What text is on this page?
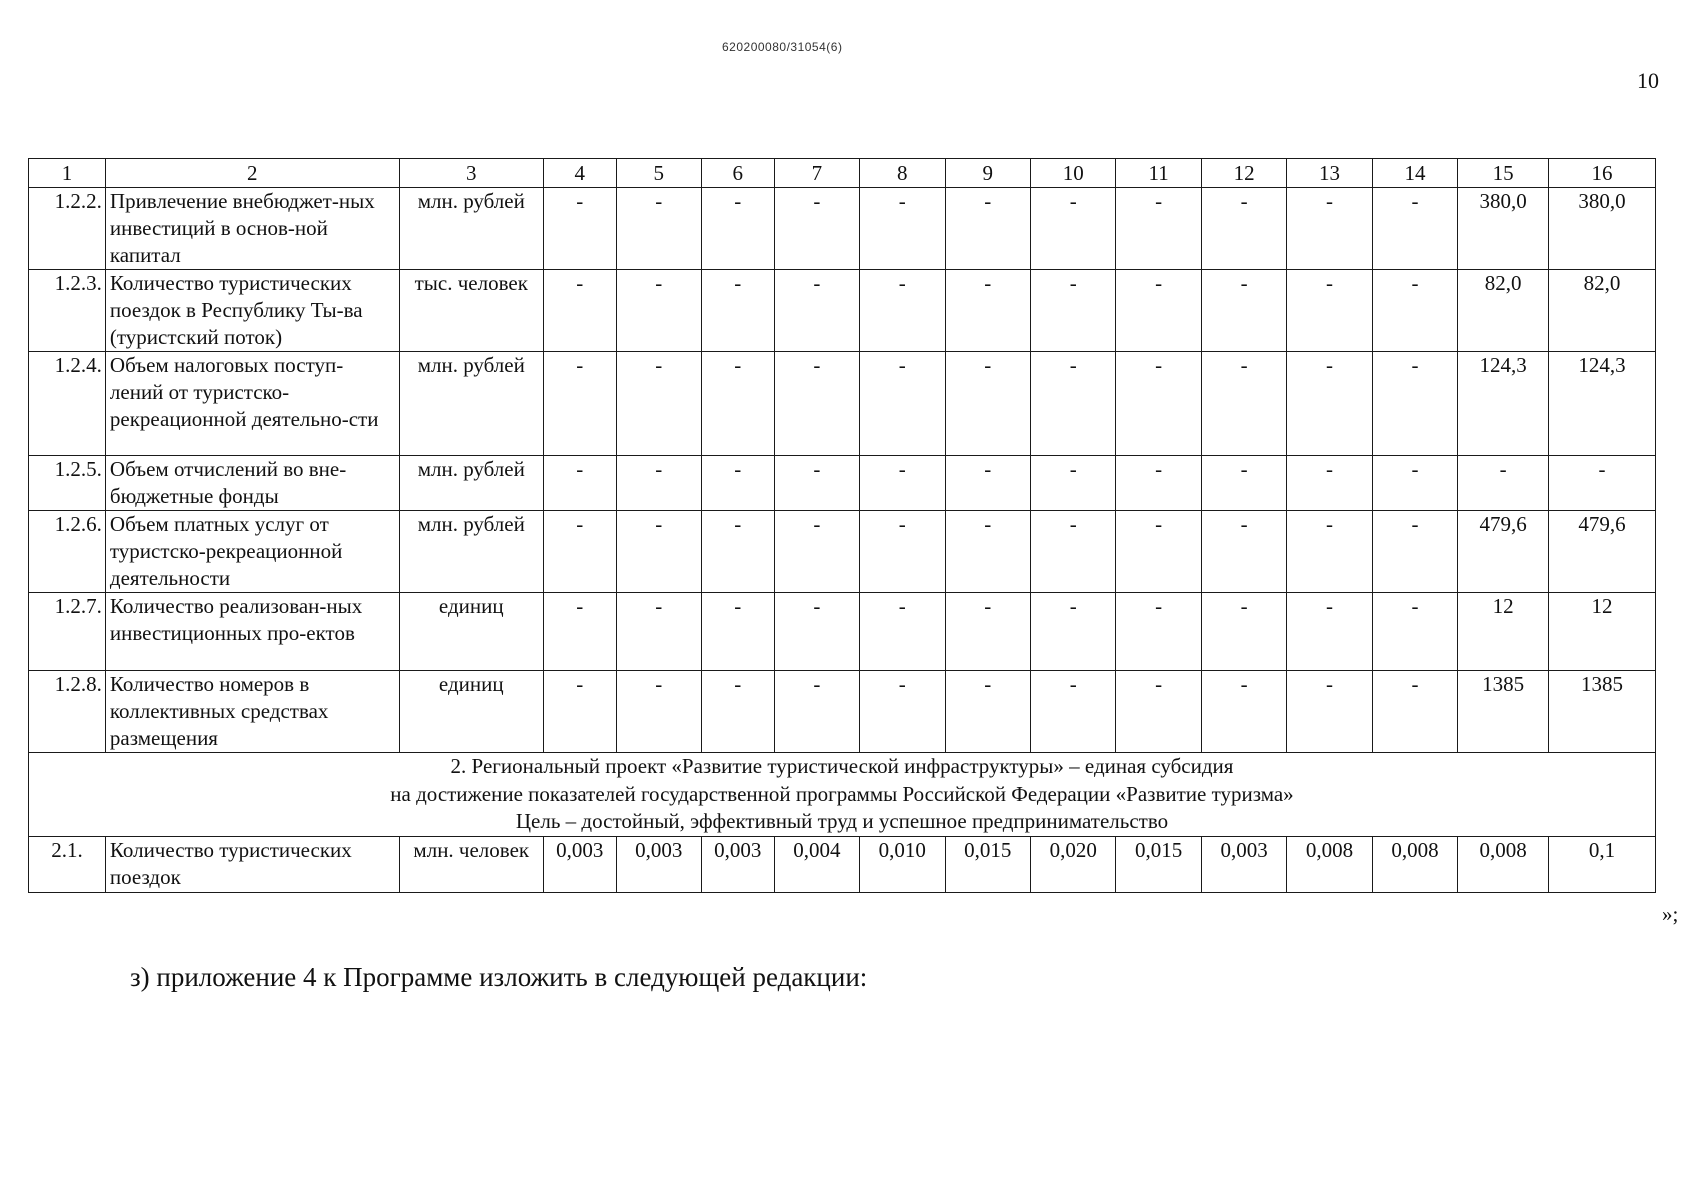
620200080/31054(6)
10
1	2	3	4	5	6	7	8	9	10	11	12	13	14	15	16
1.2.2.	Привлечение внебюджет-ных инвестиций в основ-ной капитал	млн. рублей	-	-	-	-	-	-	-	-	-	-	-	380,0	380,0
1.2.3.	Количество туристических поездок в Республику Ты-ва (туристский поток)	тыс. человек	-	-	-	-	-	-	-	-	-	-	-	82,0	82,0
1.2.4.	Объем налоговых поступ-лений от туристско-рекреационной деятельно-сти	млн. рублей	-	-	-	-	-	-	-	-	-	-	-	124,3	124,3
1.2.5.	Объем отчислений во вне-бюджетные фонды	млн. рублей	-	-	-	-	-	-	-	-	-	-	-	-	-
1.2.6.	Объем платных услуг от туристско-рекреационной деятельности	млн. рублей	-	-	-	-	-	-	-	-	-	-	-	479,6	479,6
1.2.7.	Количество реализован-ных инвестиционных про-ектов	единиц	-	-	-	-	-	-	-	-	-	-	-	12	12
1.2.8.	Количество номеров в коллективных средствах размещения	единиц	-	-	-	-	-	-	-	-	-	-	-	1385	1385

2. Региональный проект «Развитие туристической инфраструктуры» – единая субсидия
на достижение показателей государственной программы Российской Федерации «Развитие туризма»
Цель – достойный, эффективный труд и успешное предпринимательство															

2.1.	Количество туристических поездок	млн. человек	0,003	0,003	0,003	0,004	0,010	0,015	0,020	0,015	0,003	0,008	0,008	0,008	0,1
»;
з) приложение 4 к Программе изложить в следующей редакции:
